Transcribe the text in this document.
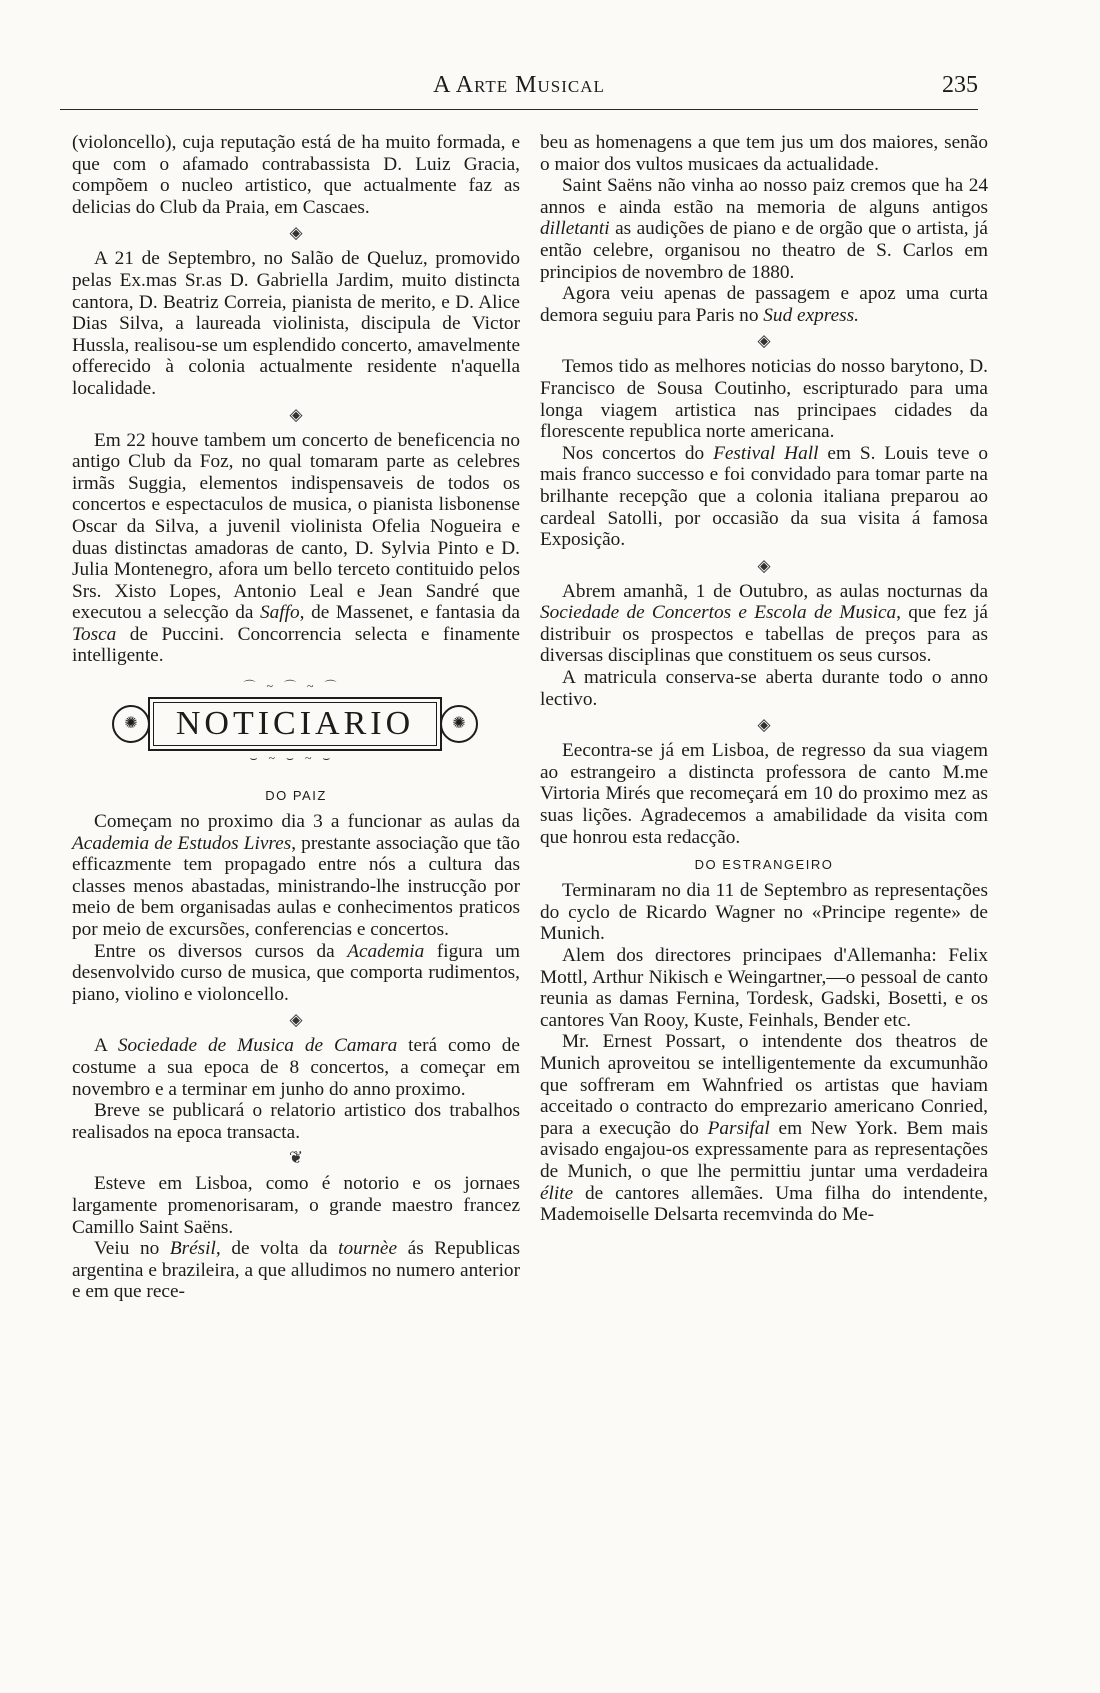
A Arte Musical	235

(violoncello), cuja reputação está de ha muito formada, e que com o afamado contrabassista D. Luiz Gracia, compõem o nucleo artistico, que actualmente faz as delicias do Club da Praia, em Cascaes.

◈

A 21 de Septembro, no Salão de Queluz, promovido pelas Ex.mas Sr.as D. Gabriella Jardim, muito distincta cantora, D. Beatriz Correia, pianista de merito, e D. Alice Dias Silva, a laureada violinista, discipula de Victor Hussla, realisou-se um esplendido concerto, amavelmente offerecido à colonia actualmente residente n'aquella localidade.

◈

Em 22 houve tambem um concerto de beneficencia no antigo Club da Foz, no qual tomaram parte as celebres irmãs Suggia, elementos indispensaveis de todos os concertos e espectaculos de musica, o pianista lisbonense Oscar da Silva, a juvenil violinista Ofelia Nogueira e duas distinctas amadoras de canto, D. Sylvia Pinto e D. Julia Montenegro, afora um bello terceto contituido pelos Srs. Xisto Lopes, Antonio Leal e Jean Sandré que executou a selecção da Saffo, de Massenet, e fantasia da Tosca de Puccini. Concorrencia selecta e finamente intelligente.

⌒ ~ ⌒ ~ ⌒
✺	NOTICIARIO	✺
⌣ ~ ⌣ ~ ⌣
DO PAIZ

Começam no proximo dia 3 a funcionar as aulas da Academia de Estudos Livres, prestante associação que tão efficazmente tem propagado entre nós a cultura das classes menos abastadas, ministrando-lhe instrucção por meio de bem organisadas aulas e conhecimentos praticos por meio de excursões, conferencias e concertos.

Entre os diversos cursos da Academia figura um desenvolvido curso de musica, que comporta rudimentos, piano, violino e violoncello.

◈

A Sociedade de Musica de Camara terá como de costume a sua epoca de 8 concertos, a começar em novembro e a terminar em junho do anno proximo.

Breve se publicará o relatorio artistico dos trabalhos realisados na epoca transacta.

❦

Esteve em Lisboa, como é notorio e os jornaes largamente promenorisaram, o grande maestro francez Camillo Saint Saëns.

Veiu no Brésil, de volta da tournèe ás Republicas argentina e brazileira, a que alludimos no numero anterior e em que rece-

beu as homenagens a que tem jus um dos maiores, senão o maior dos vultos musicaes da actualidade.

Saint Saëns não vinha ao nosso paiz cremos que ha 24 annos e ainda estão na memoria de alguns antigos dilletanti as audições de piano e de orgão que o artista, já então celebre, organisou no theatro de S. Carlos em principios de novembro de 1880.

Agora veiu apenas de passagem e apoz uma curta demora seguiu para Paris no Sud express.

◈

Temos tido as melhores noticias do nosso barytono, D. Francisco de Sousa Coutinho, escripturado para uma longa viagem artistica nas principaes cidades da florescente republica norte americana.

Nos concertos do Festival Hall em S. Louis teve o mais franco successo e foi convidado para tomar parte na brilhante recepção que a colonia italiana preparou ao cardeal Satolli, por occasião da sua visita á famosa Exposição.

◈

Abrem amanhã, 1 de Outubro, as aulas nocturnas da Sociedade de Concertos e Escola de Musica, que fez já distribuir os prospectos e tabellas de preços para as diversas disciplinas que constituem os seus cursos.

A matricula conserva-se aberta durante todo o anno lectivo.

◈

Eecontra-se já em Lisboa, de regresso da sua viagem ao estrangeiro a distincta professora de canto M.me Virtoria Mirés que recomeçará em 10 do proximo mez as suas lições. Agradecemos a amabilidade da visita com que honrou esta redacção.

DO ESTRANGEIRO

Terminaram no dia 11 de Septembro as representações do cyclo de Ricardo Wagner no «Principe regente» de Munich.

Alem dos directores principaes d'Allemanha: Felix Mottl, Arthur Nikisch e Weingartner,—o pessoal de canto reunia as damas Fernina, Tordesk, Gadski, Bosetti, e os cantores Van Rooy, Kuste, Feinhals, Bender etc.

Mr. Ernest Possart, o intendente dos theatros de Munich aproveitou se intelligentemente da excumunhão que soffreram em Wahnfried os artistas que haviam acceitado o contracto do emprezario americano Conried, para a execução do Parsifal em New York. Bem mais avisado engajou-os expressamente para as representações de Munich, o que lhe permittiu juntar uma verdadeira élite de cantores allemães. Uma filha do intendente, Mademoiselle Delsarta recemvinda do Me-
